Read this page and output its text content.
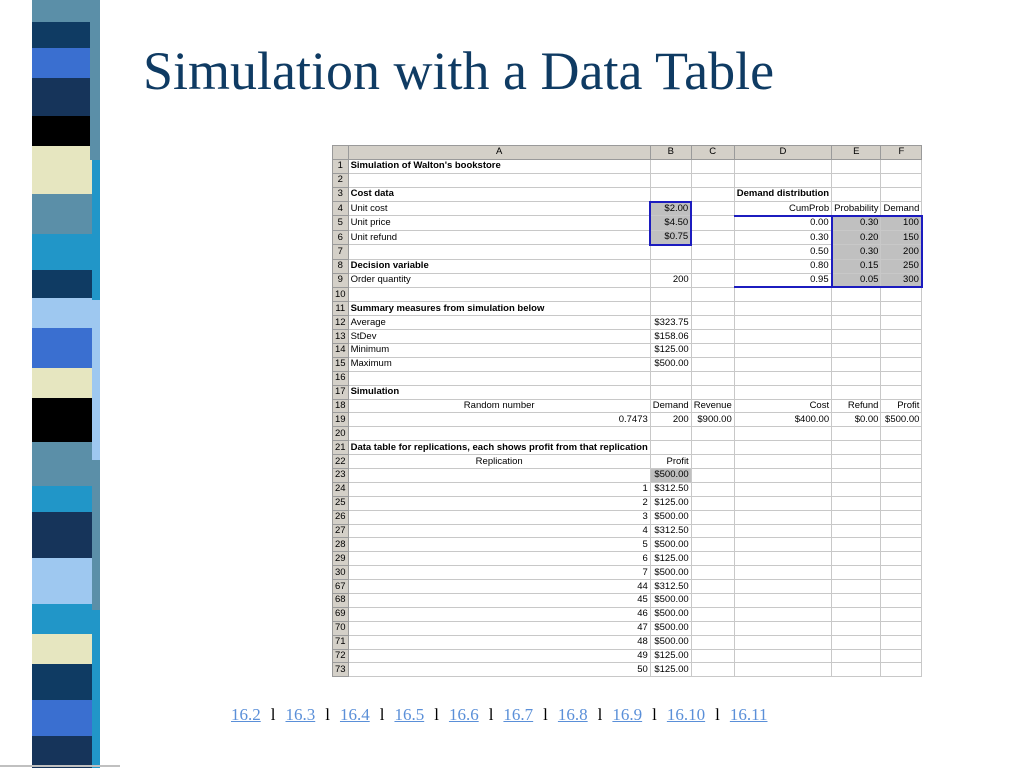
Simulation with a Data Table
	A	B	C	D	E	F
1	Simulation of Walton's bookstore					
2						
3	Cost data			Demand distribution		
4	Unit cost	$2.00		CumProb	Probability	Demand
5	Unit price	$4.50		0.00	0.30	100
6	Unit refund	$0.75		0.30	0.20	150
7				0.50	0.30	200
8	Decision variable			0.80	0.15	250
9	Order quantity	200		0.95	0.05	300
10						
11	Summary measures from simulation below					
12	Average	$323.75				
13	StDev	$158.06				
14	Minimum	$125.00				
15	Maximum	$500.00				
16						
17	Simulation					
18	Random number	Demand	Revenue	Cost	Refund	Profit
19	0.7473	200	$900.00	$400.00	$0.00	$500.00
20						
21	Data table for replications, each shows profit from that replication					
22	Replication	Profit				
23		$500.00				
24	1	$312.50				
25	2	$125.00				
26	3	$500.00				
27	4	$312.50				
28	5	$500.00				
29	6	$125.00				
30	7	$500.00				
67	44	$312.50				
68	45	$500.00				
69	46	$500.00				
70	47	$500.00				
71	48	$500.00				
72	49	$125.00				
73	50	$125.00				
16.2 l 16.3 l 16.4 l 16.5 l 16.6 l 16.7 l 16.8 l 16.9 l 16.10 l 16.11
